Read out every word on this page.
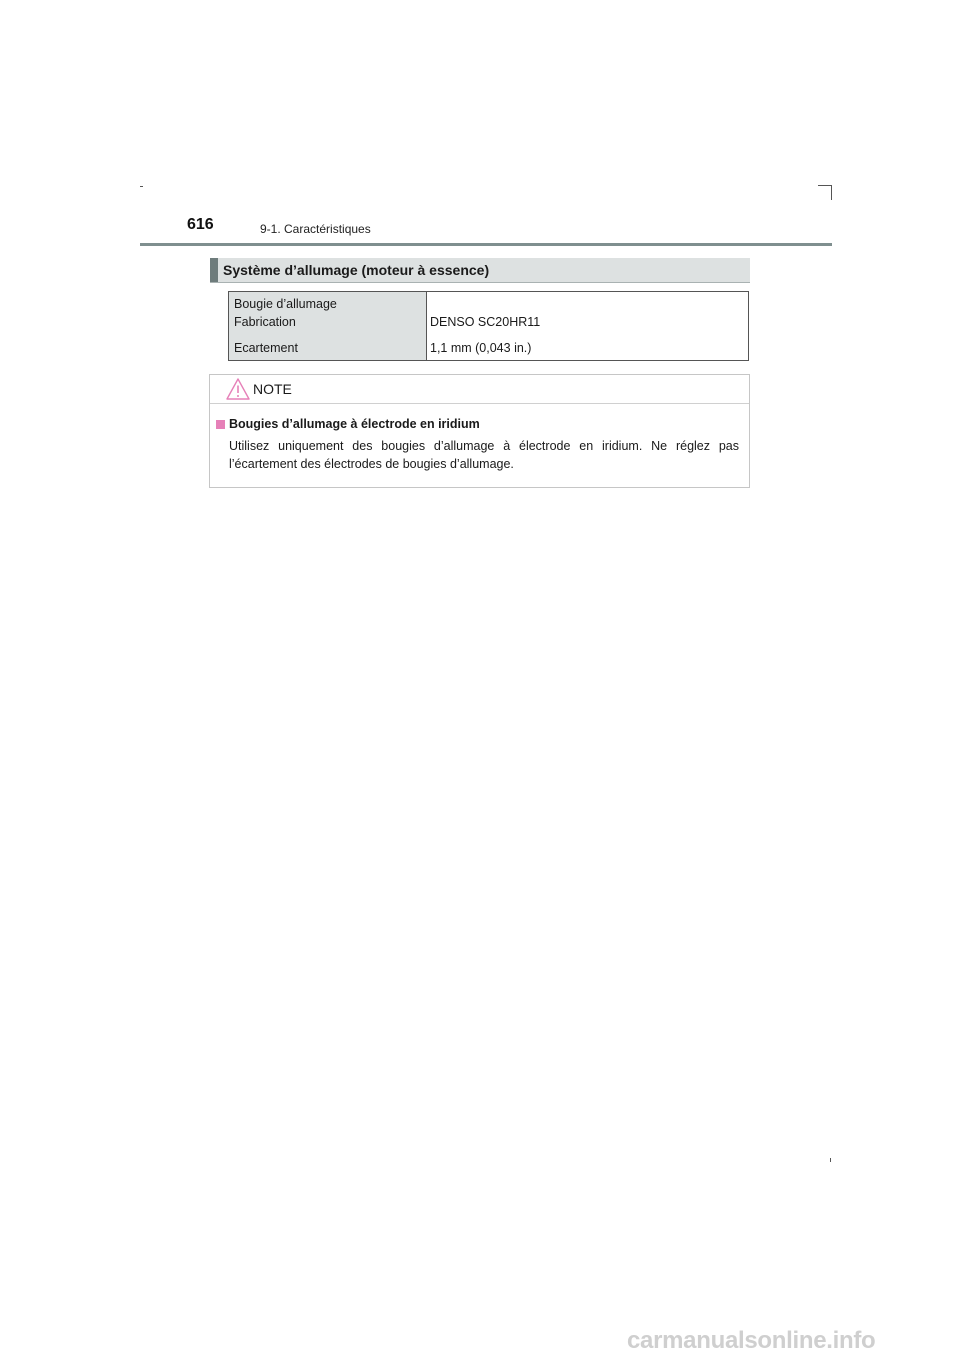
616	9-1. Caractéristiques
Système d’allumage (moteur à essence)
Bougie d’allumage
Fabrication	DENSO SC20HR11
Ecartement	1,1 mm (0,043 in.)
NOTE
Bougies d’allumage à électrode en iridium
Utilisez uniquement des bougies d’allumage à électrode en iridium. Ne réglez pas l’écartement des électrodes de bougies d’allumage.
carmanualsonline.info
